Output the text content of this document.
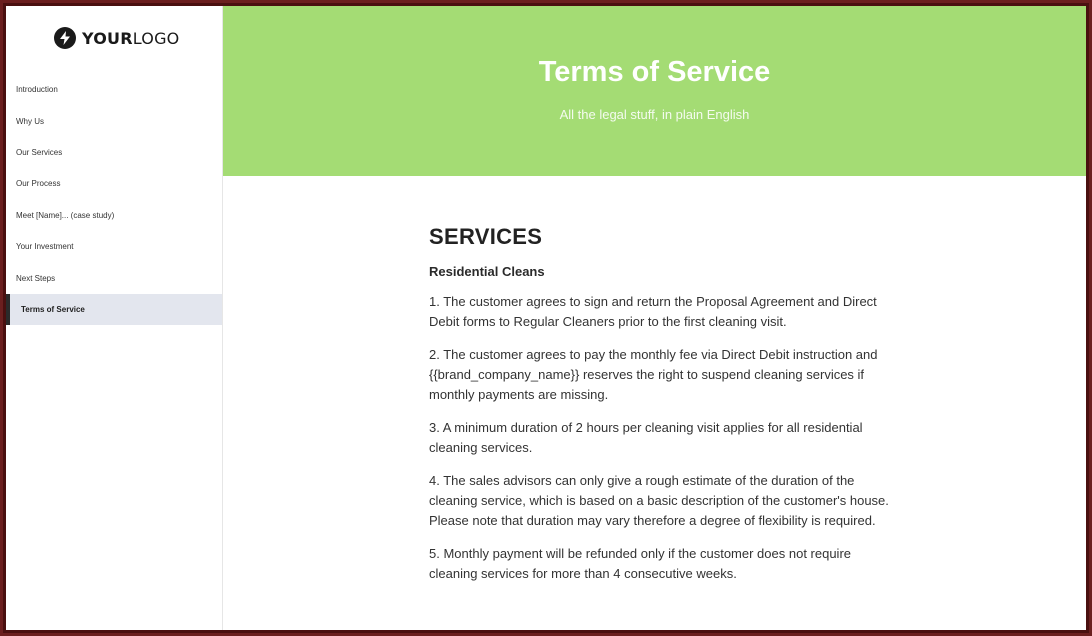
YOURLOGO
Introduction
Why Us
Our Services
Our Process
Meet [Name]... (case study)
Your Investment
Next Steps
Terms of Service
Terms of Service

All the legal stuff, in plain English

SERVICES
Residential Cleans

1. The customer agrees to sign and return the Proposal Agreement and Direct Debit forms to Regular Cleaners prior to the first cleaning visit.

2. The customer agrees to pay the monthly fee via Direct Debit instruction and {{brand_company_name}} reserves the right to suspend cleaning services if monthly payments are missing.

3. A minimum duration of 2 hours per cleaning visit applies for all residential cleaning services.

4. The sales advisors can only give a rough estimate of the duration of the cleaning service, which is based on a basic description of the customer's house. Please note that duration may vary therefore a degree of flexibility is required.

5. Monthly payment will be refunded only if the customer does not require cleaning services for more than 4 consecutive weeks.
